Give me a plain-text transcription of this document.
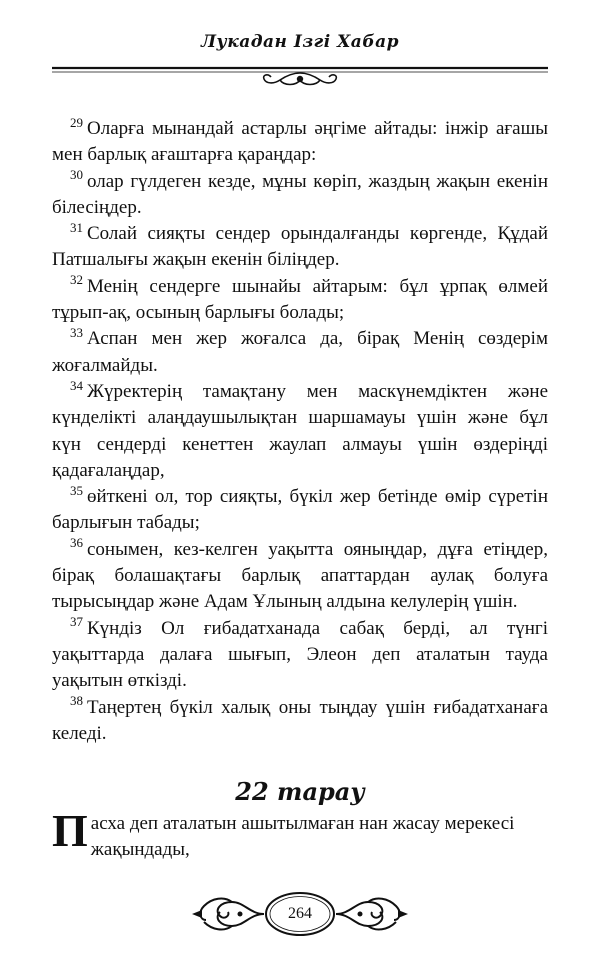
Лукадан Ізгі Хабар

$^{29}$ Оларға мынандай астарлы әңгіме айтады: інжір ағашы мен барлық ағаштарға қараңдар:

$^{30}$ олар гүлдеген кезде, мұны көріп, жаздың жақын екенін білесіңдер.

$^{31}$ Солай сияқты сендер орындалғанды көргенде, Құдай Патшалығы жақын екенін біліңдер.

$^{32}$ Менің сендерге шынайы айтарым: бұл ұрпақ өлмей тұрып-ақ, осының барлығы болады;

$^{33}$ Аспан мен жер жоғалса да, бірақ Менің сөздерім жоғалмайды.

$^{34}$ Жүректерің тамақтану мен маскүнемдіктен және күнделікті алаңдаушылықтан шаршамауы үшін және бұл күн сендерді кенеттен жаулап алмауы үшін өздеріңді қадағалаңдар,

$^{35}$ өйткені ол, тор сияқты, бүкіл жер бетінде өмір сүретін барлығын табады;

$^{36}$ сонымен, кез-келген уақытта ояныңдар, дұға етіңдер, бірақ болашақтағы барлық апаттардан аулақ болуға тырысыңдар және Адам Ұлының алдына келулерің үшін.

$^{37}$ Күндіз Ол ғибадатханада сабақ берді, ал түнгі уақыттарда далаға шығып, Элеон деп аталатын тауда уақытын өткізді.

$^{38}$ Таңертең бүкіл халық оны тыңдау үшін ғибадатханаға келеді.

22 тарау

Пасха деп аталатын ашытылмаған нан жасау мерекесі жақындады,

264
